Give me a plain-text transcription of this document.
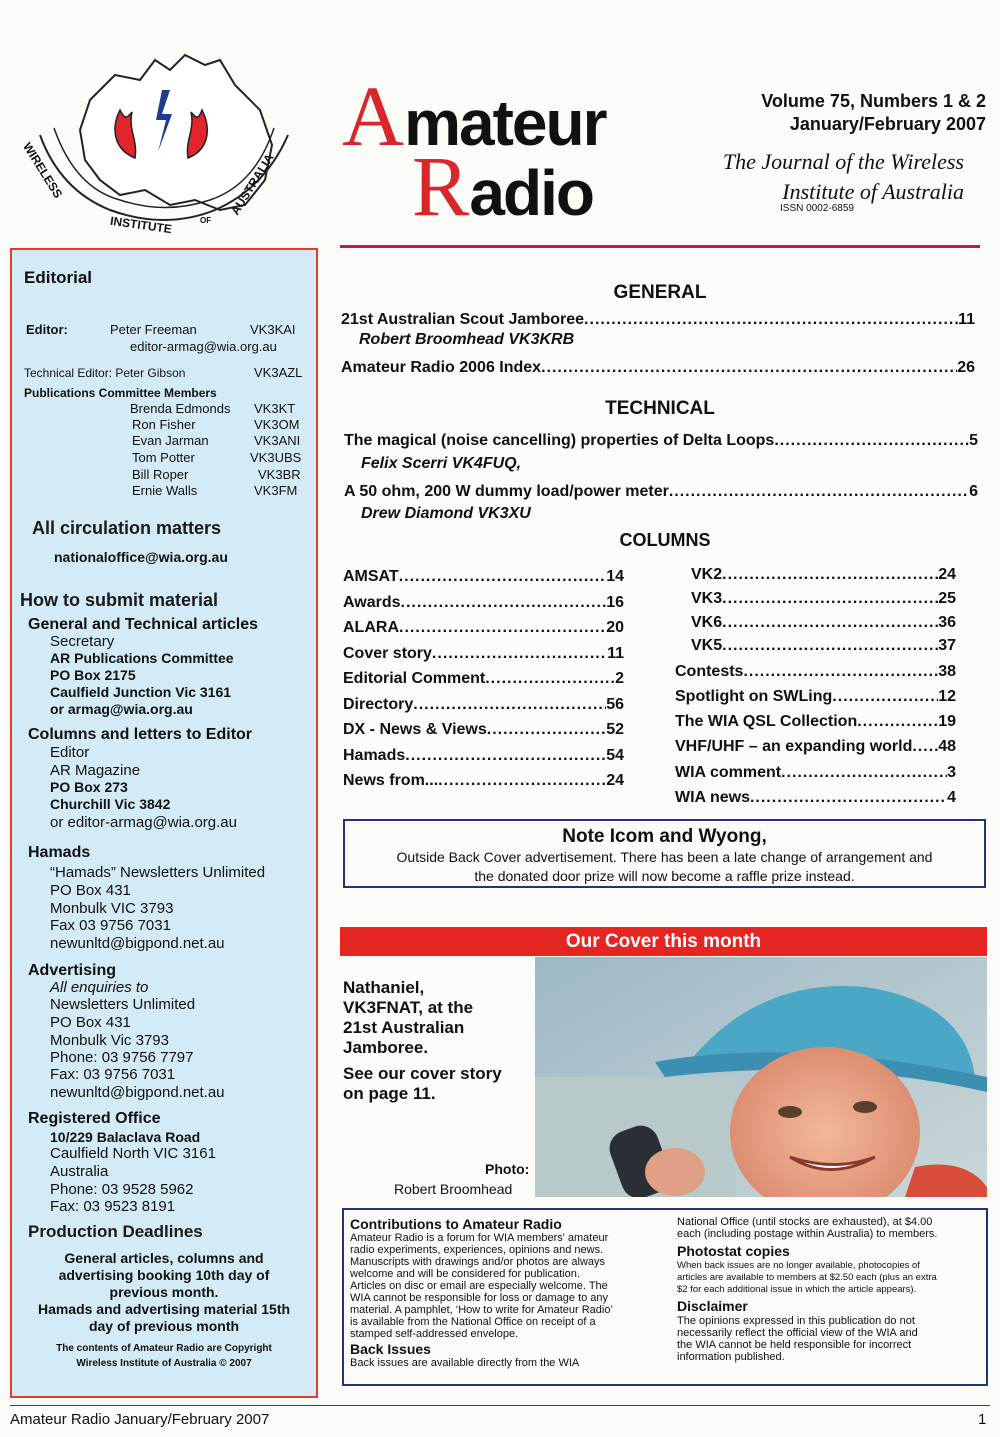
WIRELESS
INSTITUTE	OF
AUSTRALIA
Amateur
Radio
Volume 75, Numbers 1 & 2
January/February 2007
The Journal of the Wireless
Institute of Australia
ISSN 0002-6859
Editorial
Editor:	Peter Freeman	VK3KAI
editor-armag@wia.org.au
Technical Editor: Peter Gibson	VK3AZL
Publications Committee Members
Brenda Edmonds VK3KT
Ron Fisher	VK3OM
Evan Jarman	VK3ANI
Tom Potter	VK3UBS
Bill Roper	VK3BR
Ernie Walls	VK3FM
All circulation matters
nationaloffice@wia.org.au
How to submit material
General and Technical articles
Secretary
AR Publications Committee
PO Box 2175
Caulfield Junction Vic 3161
or armag@wia.org.au
Columns and letters to Editor
Editor
AR Magazine
PO Box 273
Churchill Vic 3842
or editor-armag@wia.org.au
Hamads
“Hamads” Newsletters Unlimited
PO Box 431
Monbulk VIC 3793
Fax 03 9756 7031
newunltd@bigpond.net.au
Advertising
All enquiries to
Newsletters Unlimited
PO Box 431
Monbulk Vic 3793
Phone: 03 9756 7797
Fax: 03 9756 7031
newunltd@bigpond.net.au
Registered Office
10/229 Balaclava Road
Caulfield North VIC 3161
Australia
Phone: 03 9528 5962
Fax: 03 9523 8191
Production Deadlines
General articles, columns and
advertising booking 10th day of
previous month.
Hamads and advertising material 15th
day of previous month
The contents of Amateur Radio are Copyright
Wireless Institute of Australia © 2007
GENERAL
21st Australian Scout Jamboree .....	11
Robert Broomhead VK3KRB
Amateur Radio 2006 Index .....	26
TECHNICAL
The magical (noise cancelling) properties of Delta Loops .....	5
Felix Scerri VK4FUQ,
A 50 ohm, 200 W dummy load/power meter .....	6
Drew Diamond VK3XU
COLUMNS
AMSAT .....	14
Awards .....	16
ALARA .....	20
Cover story .....	11
Editorial Comment .....	2
Directory .....	56
DX - News & Views .....	52
Hamads .....	54
News from... .....	24
VK2 .....	24
VK3 .....	25
VK6 .....	36
VK5 .....	37
Contests .....	38
Spotlight on SWLing .....	12
The WIA QSL Collection .....	19
VHF/UHF – an expanding world ..... 48
WIA comment .....	3
WIA news .....	4
Note Icom and Wyong,
Outside Back Cover advertisement. There has been a late change of arrangement and
the donated door prize will now become a raffle prize instead.
Our Cover this month
Nathaniel,
VK3FNAT, at the
21st Australian
Jamboree.
See our cover story
on page 11.
Photo:
Robert Broomhead
Contributions to Amateur Radio
Amateur Radio is a forum for WIA members' amateur
radio experiments, experiences, opinions and news.
Manuscripts with drawings and/or photos are always
welcome and will be considered for publication.
Articles on disc or email are especially welcome. The
WIA cannot be responsible for loss or damage to any
material. A pamphlet, ‘How to write for Amateur Radio’
is available from the National Office on receipt of a
stamped self-addressed envelope.
Back Issues
Back issues are available directly from the WIA
National Office (until stocks are exhausted), at $4.00
each (including postage within Australia) to members.
Photostat copies
When back issues are no longer available, photocopies of
articles are available to members at $2.50 each (plus an extra
$2 for each additional issue in which the article appears).
Disclaimer
The opinions expressed in this publication do not
necessarily reflect the official view of the WIA and
the WIA cannot be held responsible for incorrect
information published.
Amateur Radio January/February 2007	1
